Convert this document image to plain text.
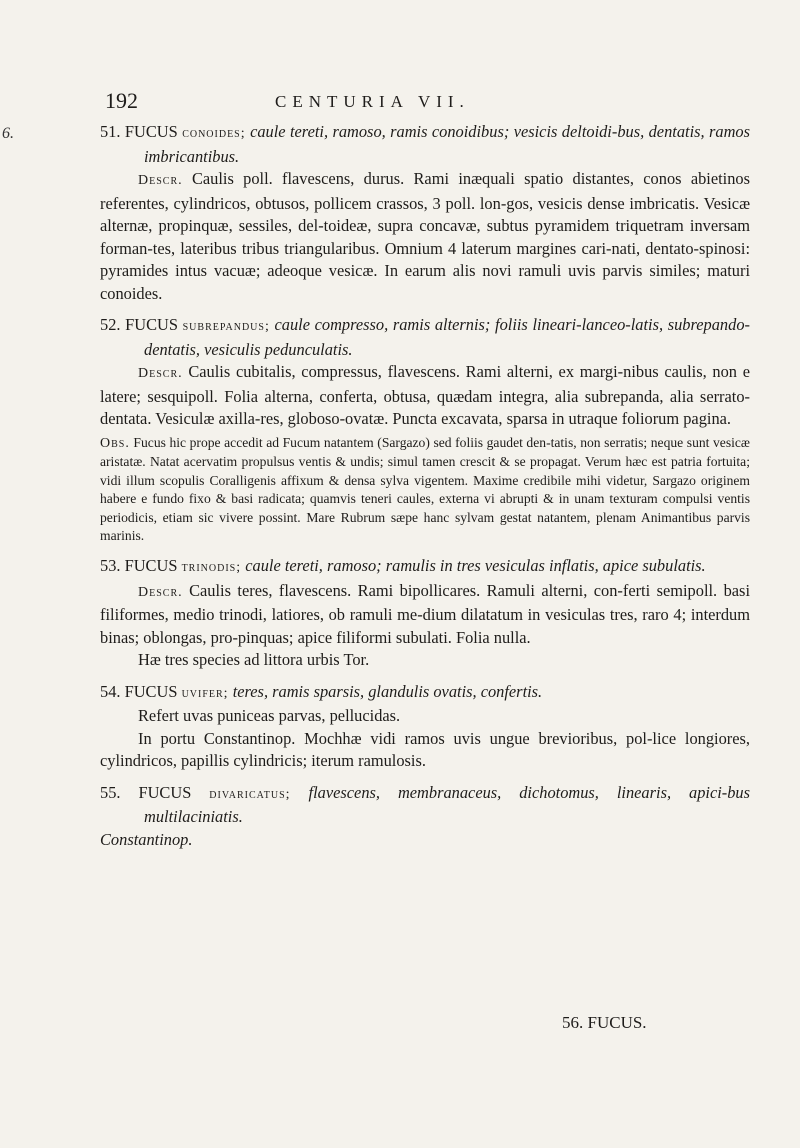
192	CENTURIA VII.
6.	51. FUCUS conoides; caule tereti, ramoso, ramis conoidibus; vesicis deltoidi-bus, dentatis, ramos imbricantibus.

Descr. Caulis poll. flavescens, durus. Rami inæquali spatio distantes, conos abietinos referentes, cylindricos, obtusos, pollicem crassos, 3 poll. lon-gos, vesicis dense imbricatis. Vesicæ alternæ, propinquæ, sessiles, del-toideæ, supra concavæ, subtus pyramidem triquetram inversam forman-tes, lateribus tribus triangularibus. Omnium 4 laterum margines cari-nati, dentato-spinosi: pyramides intus vacuæ; adeoque vesicæ. In earum alis novi ramuli uvis parvis similes; maturi conoides.

52. FUCUS subrepandus; caule compresso, ramis alternis; foliis lineari-lanceo-latis, subrepando-dentatis, vesiculis pedunculatis.

Descr. Caulis cubitalis, compressus, flavescens. Rami alterni, ex margi-nibus caulis, non e latere; sesquipoll. Folia alterna, conferta, obtusa, quædam integra, alia subrepanda, alia serrato-dentata. Vesiculæ axilla-res, globoso-ovatæ. Puncta excavata, sparsa in utraque foliorum pagina.

Obs. Fucus hic prope accedit ad Fucum natantem (Sargazo) sed foliis gaudet den-tatis, non serratis; neque sunt vesicæ aristatæ. Natat acervatim propulsus ventis & undis; simul tamen crescit & se propagat. Verum hæc est patria fortuita; vidi illum scopulis Coralligenis affixum & densa sylva vigentem. Maxime credibile mihi videtur, Sargazo originem habere e fundo fixo & basi radicata; quamvis teneri caules, externa vi abrupti & in unam texturam compulsi ventis periodicis, etiam sic vivere possint. Mare Rubrum sæpe hanc sylvam gestat natantem, plenam Animantibus parvis marinis.

53. FUCUS trinodis; caule tereti, ramoso; ramulis in tres vesiculas inflatis, apice subulatis.

Descr. Caulis teres, flavescens. Rami bipollicares. Ramuli alterni, con-ferti semipoll. basi filiformes, medio trinodi, latiores, ob ramuli me-dium dilatatum in vesiculas tres, raro 4; interdum binas; oblongas, pro-pinquas; apice filiformi subulati. Folia nulla.

Hæ tres species ad littora urbis Tor.

54. FUCUS uvifer; teres, ramis sparsis, glandulis ovatis, confertis.

Refert uvas puniceas parvas, pellucidas.

In portu Constantinop. Mochhæ vidi ramos uvis ungue brevioribus, pol-lice longiores, cylindricos, papillis cylindricis; iterum ramulosis.

55. FUCUS divaricatus; flavescens, membranaceus, dichotomus, linearis, apici-bus multilaciniatis.

Constantinop.

56. FUCUS.
